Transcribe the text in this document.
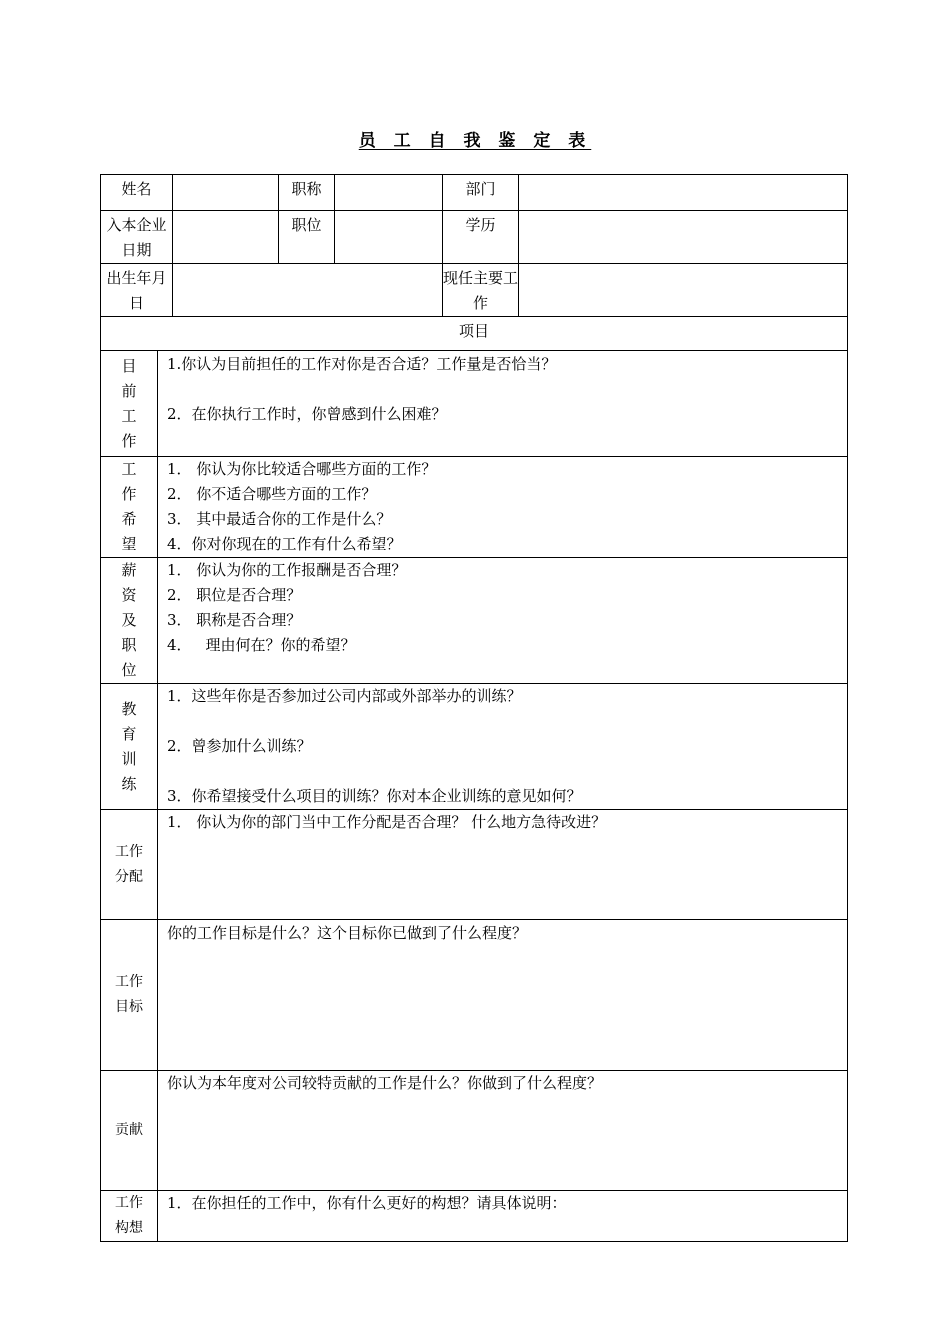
员 工 自 我 鉴 定 表
姓名			职称		部门	
入本企业日期			职位		学历	
出生年月日					现任主要工作	
项目						
目前工作	1.你认为目前担任的工作对你是否合适？工作量是否恰当？
2．在你执行工作时，你曾感到什么困难？					

工作希望	1． 你认为你比较适合哪些方面的工作？
2． 你不适合哪些方面的工作？
3． 其中最适合你的工作是什么？
4．你对你现在的工作有什么希望？					

薪资及职位	1． 你认为你的工作报酬是否合理？
2． 职位是否合理？
3． 职称是否合理？
4． 理由何在？你的希望？					

教育训练	1．这些年你是否参加过公司内部或外部举办的训练？
2．曾参加什么训练？
3．你希望接受什么项目的训练？你对本企业训练的意见如何？					

工作分配	1． 你认为你的部门当中工作分配是否合理？ 什么地方急待改进？					

工作目标	你的工作目标是什么？这个目标你已做到了什么程度？					

贡献	你认为本年度对公司较特贡献的工作是什么？你做到了什么程度？					

工作构想	1．在你担任的工作中，你有什么更好的构想？请具体说明：					
